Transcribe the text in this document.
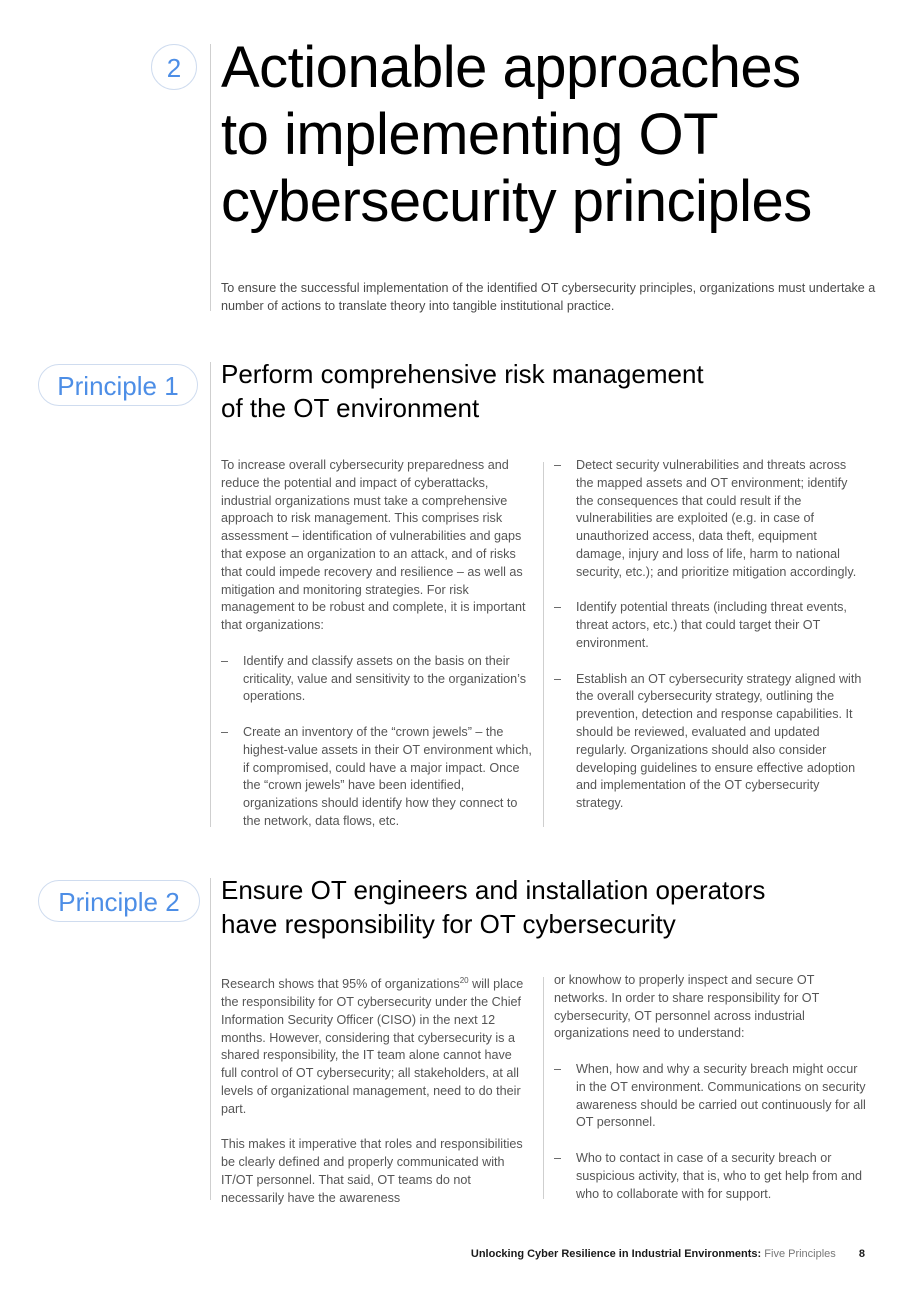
2 Actionable approaches
to implementing OT
cybersecurity principles

To ensure the successful implementation of the identified OT cybersecurity principles, organizations must undertake a number of actions to translate theory into tangible institutional practice.

Principle 1	Perform comprehensive risk management
of the OT environment

To increase overall cybersecurity preparedness and reduce the potential and impact of cyberattacks, industrial organizations must take a comprehensive approach to risk management. This comprises risk assessment – identification of vulnerabilities and gaps that expose an organization to an attack, and of risks that could impede recovery and resilience – as well as mitigation and monitoring strategies. For risk management to be robust and complete, it is important that organizations:

– Identify and classify assets on the basis on their criticality, value and sensitivity to the organization’s operations.
– Create an inventory of the “crown jewels” – the highest-value assets in their OT environment which, if compromised, could have a major impact. Once the “crown jewels” have been identified, organizations should identify how they connect to the network, data flows, etc.
– Detect security vulnerabilities and threats across the mapped assets and OT environment; identify the consequences that could result if the vulnerabilities are exploited (e.g. in case of unauthorized access, data theft, equipment damage, injury and loss of life, harm to national security, etc.); and prioritize mitigation accordingly.
– Identify potential threats (including threat events, threat actors, etc.) that could target their OT environment.
– Establish an OT cybersecurity strategy aligned with the overall cybersecurity strategy, outlining the prevention, detection and response capabilities. It should be reviewed, evaluated and updated regularly. Organizations should also consider developing guidelines to ensure effective adoption and implementation of the OT cybersecurity strategy.
Principle 2	Ensure OT engineers and installation operators
have responsibility for OT cybersecurity

Research shows that 95% of organizations$^{20}$ will place the responsibility for OT cybersecurity under the Chief Information Security Officer (CISO) in the next 12 months. However, considering that cybersecurity is a shared responsibility, the IT team alone cannot have full control of OT cybersecurity; all stakeholders, at all levels of organizational management, need to do their part.

This makes it imperative that roles and responsibilities be clearly defined and properly communicated with IT/OT personnel. That said, OT teams do not necessarily have the awareness

or knowhow to properly inspect and secure OT networks. In order to share responsibility for OT cybersecurity, OT personnel across industrial organizations need to understand:

– When, how and why a security breach might occur in the OT environment. Communications on security awareness should be carried out continuously for all OT personnel.
– Who to contact in case of a security breach or suspicious activity, that is, who to get help from and who to collaborate with for support.
Unlocking Cyber Resilience in Industrial Environments: Five Principles 8
